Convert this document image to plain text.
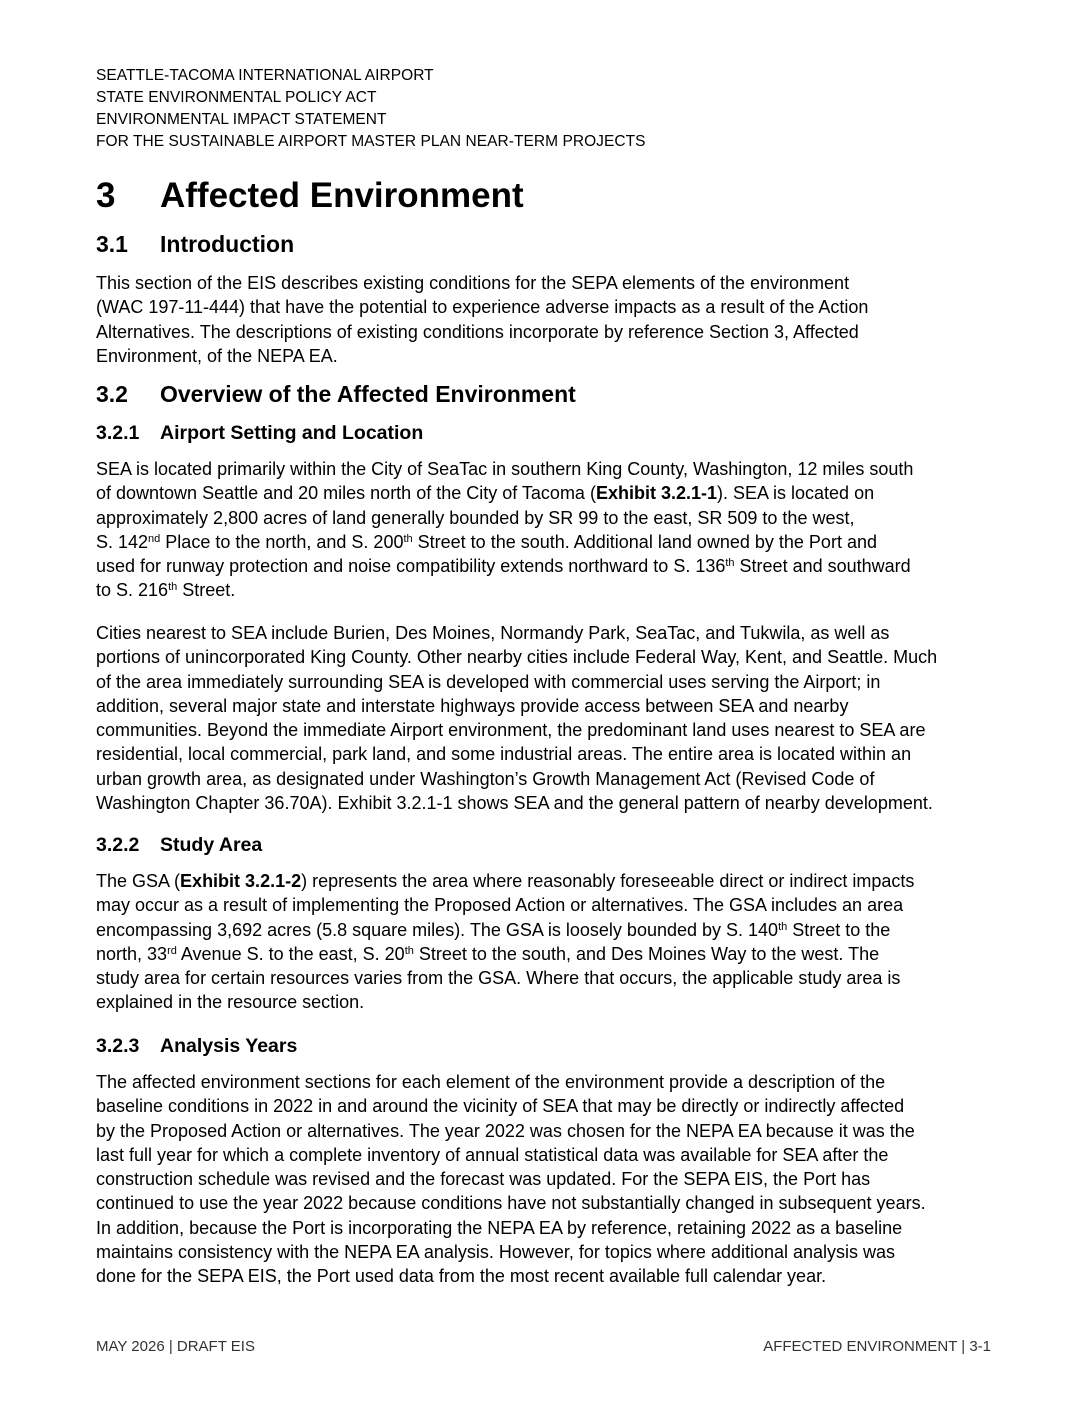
SEATTLE-TACOMA INTERNATIONAL AIRPORT
STATE ENVIRONMENTAL POLICY ACT
ENVIRONMENTAL IMPACT STATEMENT
FOR THE SUSTAINABLE AIRPORT MASTER PLAN NEAR-TERM PROJECTS
3 Affected Environment
3.1 Introduction
This section of the EIS describes existing conditions for the SEPA elements of the environment
(WAC 197-11-444) that have the potential to experience adverse impacts as a result of the Action
Alternatives. The descriptions of existing conditions incorporate by reference Section 3, Affected
Environment, of the NEPA EA.
3.2 Overview of the Affected Environment
3.2.1 Airport Setting and Location
SEA is located primarily within the City of SeaTac in southern King County, Washington, 12 miles south
of downtown Seattle and 20 miles north of the City of Tacoma (Exhibit 3.2.1-1). SEA is located on
approximately 2,800 acres of land generally bounded by SR 99 to the east, SR 509 to the west,
S. 142nd Place to the north, and S. 200th Street to the south. Additional land owned by the Port and
used for runway protection and noise compatibility extends northward to S. 136th Street and southward
to S. 216th Street.
Cities nearest to SEA include Burien, Des Moines, Normandy Park, SeaTac, and Tukwila, as well as
portions of unincorporated King County. Other nearby cities include Federal Way, Kent, and Seattle. Much
of the area immediately surrounding SEA is developed with commercial uses serving the Airport; in
addition, several major state and interstate highways provide access between SEA and nearby
communities. Beyond the immediate Airport environment, the predominant land uses nearest to SEA are
residential, local commercial, park land, and some industrial areas. The entire area is located within an
urban growth area, as designated under Washington’s Growth Management Act (Revised Code of
Washington Chapter 36.70A). Exhibit 3.2.1-1 shows SEA and the general pattern of nearby development.
3.2.2 Study Area
The GSA (Exhibit 3.2.1-2) represents the area where reasonably foreseeable direct or indirect impacts
may occur as a result of implementing the Proposed Action or alternatives. The GSA includes an area
encompassing 3,692 acres (5.8 square miles). The GSA is loosely bounded by S. 140th Street to the
north, 33rd Avenue S. to the east, S. 20th Street to the south, and Des Moines Way to the west. The
study area for certain resources varies from the GSA. Where that occurs, the applicable study area is
explained in the resource section.
3.2.3 Analysis Years
The affected environment sections for each element of the environment provide a description of the
baseline conditions in 2022 in and around the vicinity of SEA that may be directly or indirectly affected
by the Proposed Action or alternatives. The year 2022 was chosen for the NEPA EA because it was the
last full year for which a complete inventory of annual statistical data was available for SEA after the
construction schedule was revised and the forecast was updated. For the SEPA EIS, the Port has
continued to use the year 2022 because conditions have not substantially changed in subsequent years.
In addition, because the Port is incorporating the NEPA EA by reference, retaining 2022 as a baseline
maintains consistency with the NEPA EA analysis. However, for topics where additional analysis was
done for the SEPA EIS, the Port used data from the most recent available full calendar year.
MAY 2026 | DRAFT EIS	AFFECTED ENVIRONMENT | 3-1
